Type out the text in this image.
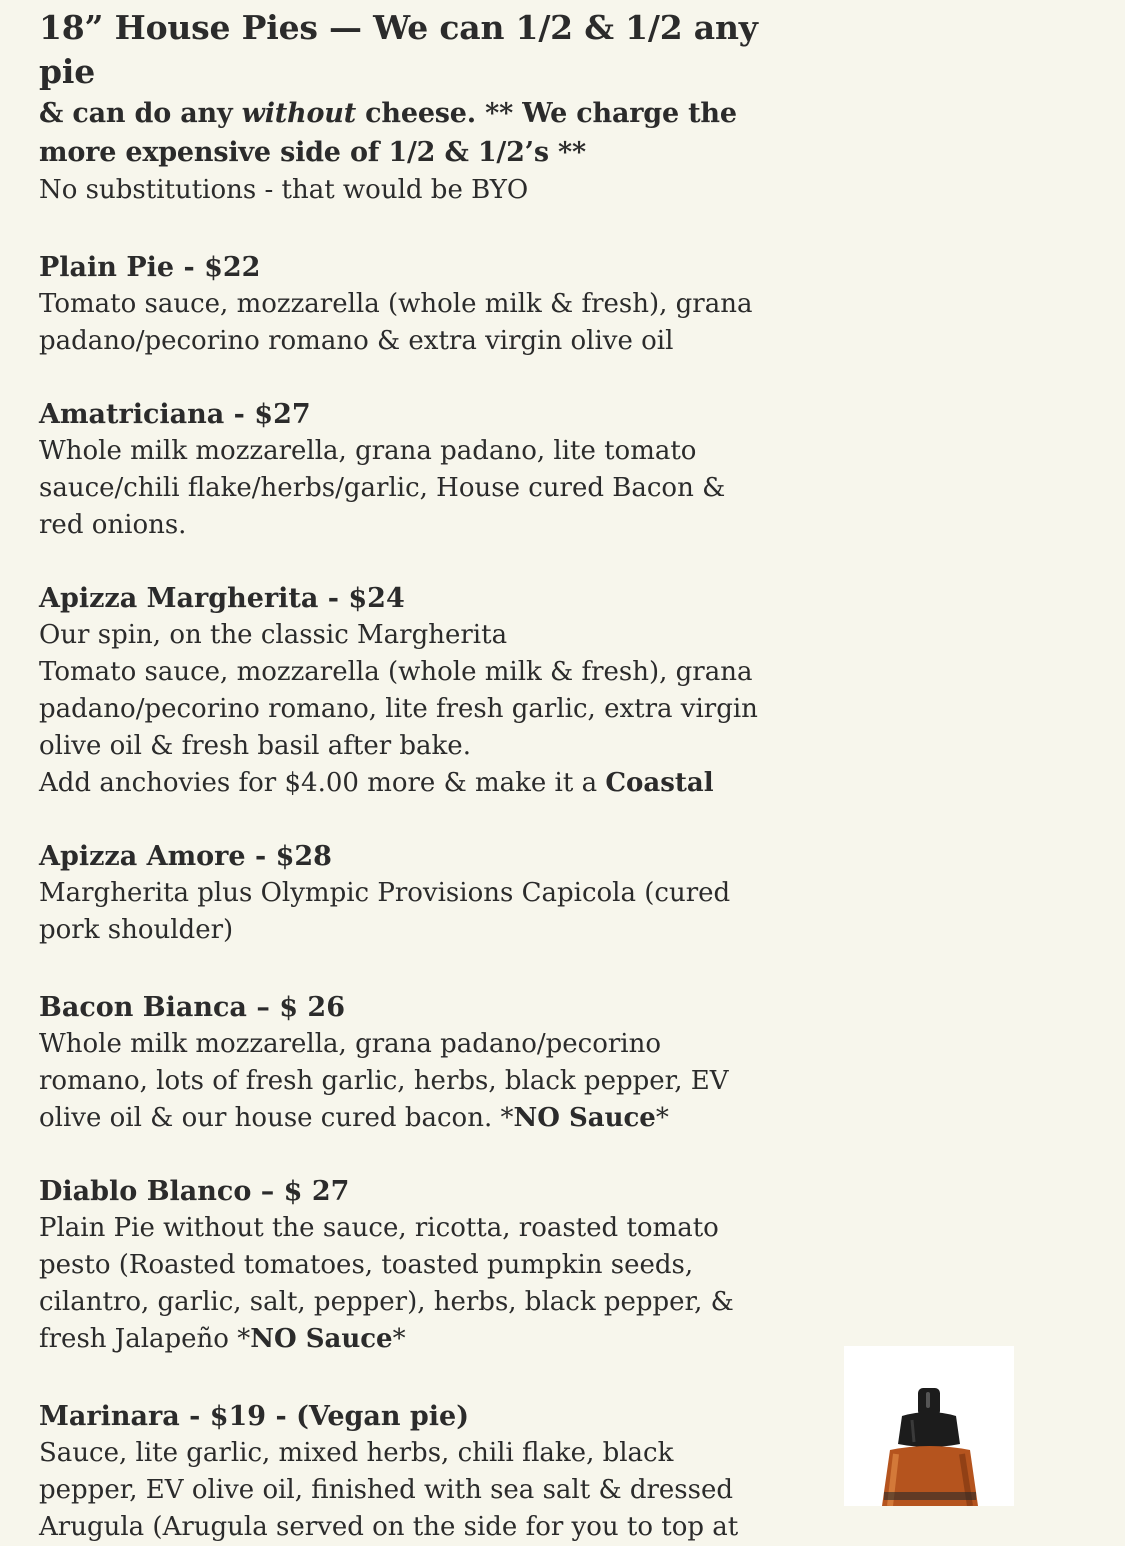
18” House Pies — We can 1/2 & 1/2 any pie

& can do any without cheese. ** We charge the more expensive side of 1/2 & 1/2’s **

No substitutions - that would be BYO

Plain Pie - $22

Tomato sauce, mozzarella (whole milk & fresh), grana padano/pecorino romano & extra virgin olive oil

Amatriciana - $27

Whole milk mozzarella, grana padano, lite tomato sauce/chili flake/herbs/garlic, House cured Bacon & red onions.

Apizza Margherita - $24

Our spin, on the classic Margherita

Tomato sauce, mozzarella (whole milk & fresh), grana padano/pecorino romano, lite fresh garlic, extra virgin olive oil & fresh basil after bake.

Add anchovies for $4.00 more & make it a Coastal

Apizza Amore - $28

Margherita plus Olympic Provisions Capicola (cured pork shoulder)

Bacon Bianca – $ 26

Whole milk mozzarella, grana padano/pecorino romano, lots of fresh garlic, herbs, black pepper, EV olive oil & our house cured bacon. *NO Sauce*

Diablo Blanco – $ 27

Plain Pie without the sauce, ricotta, roasted tomato pesto (Roasted tomatoes, toasted pumpkin seeds, cilantro, garlic, salt, pepper), herbs, black pepper, & fresh Jalapeño *NO Sauce*

Marinara - $19 - (Vegan pie)

Sauce, lite garlic, mixed herbs, chili flake, black pepper, EV olive oil, finished with sea salt & dressed Arugula (Arugula served on the side for you to top at
